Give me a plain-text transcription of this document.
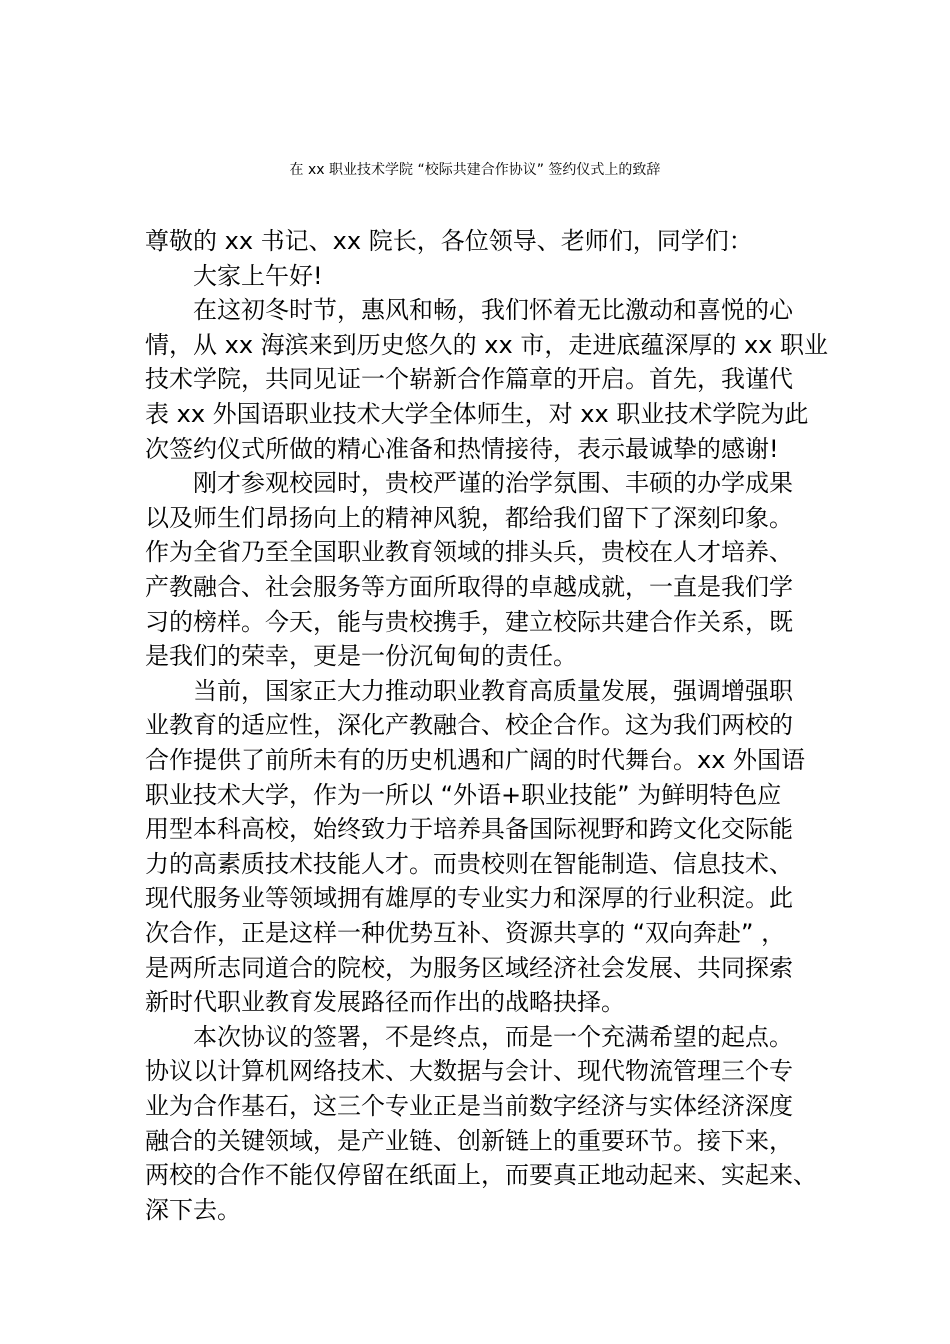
在 xx 职业技术学院 “校际共建合作协议” 签约仪式上的致辞
尊敬的 xx 书记、xx 院长，各位领导、老师们，同学们：
　　大家上午好!
　　在这初冬时节，惠风和畅，我们怀着无比激动和喜悦的心
情，从 xx 海滨来到历史悠久的 xx 市，走进底蕴深厚的 xx 职业
技术学院，共同见证一个崭新合作篇章的开启。首先，我谨代
表 xx 外国语职业技术大学全体师生，对 xx 职业技术学院为此
次签约仪式所做的精心准备和热情接待，表示最诚挚的感谢!
　　刚才参观校园时，贵校严谨的治学氛围、丰硕的办学成果
以及师生们昂扬向上的精神风貌，都给我们留下了深刻印象。
作为全省乃至全国职业教育领域的排头兵，贵校在人才培养、
产教融合、社会服务等方面所取得的卓越成就，一直是我们学
习的榜样。今天，能与贵校携手，建立校际共建合作关系，既
是我们的荣幸，更是一份沉甸甸的责任。
　　当前，国家正大力推动职业教育高质量发展，强调增强职
业教育的适应性，深化产教融合、校企合作。这为我们两校的
合作提供了前所未有的历史机遇和广阔的时代舞台。xx 外国语
职业技术大学，作为一所以 “外语+职业技能” 为鲜明特色应
用型本科高校，始终致力于培养具备国际视野和跨文化交际能
力的高素质技术技能人才。而贵校则在智能制造、信息技术、
现代服务业等领域拥有雄厚的专业实力和深厚的行业积淀。此
次合作，正是这样一种优势互补、资源共享的 “双向奔赴” ，
是两所志同道合的院校，为服务区域经济社会发展、共同探索
新时代职业教育发展路径而作出的战略抉择。
　　本次协议的签署，不是终点，而是一个充满希望的起点。
协议以计算机网络技术、大数据与会计、现代物流管理三个专
业为合作基石，这三个专业正是当前数字经济与实体经济深度
融合的关键领域，是产业链、创新链上的重要环节。接下来，
两校的合作不能仅停留在纸面上，而要真正地动起来、实起来、
深下去。
